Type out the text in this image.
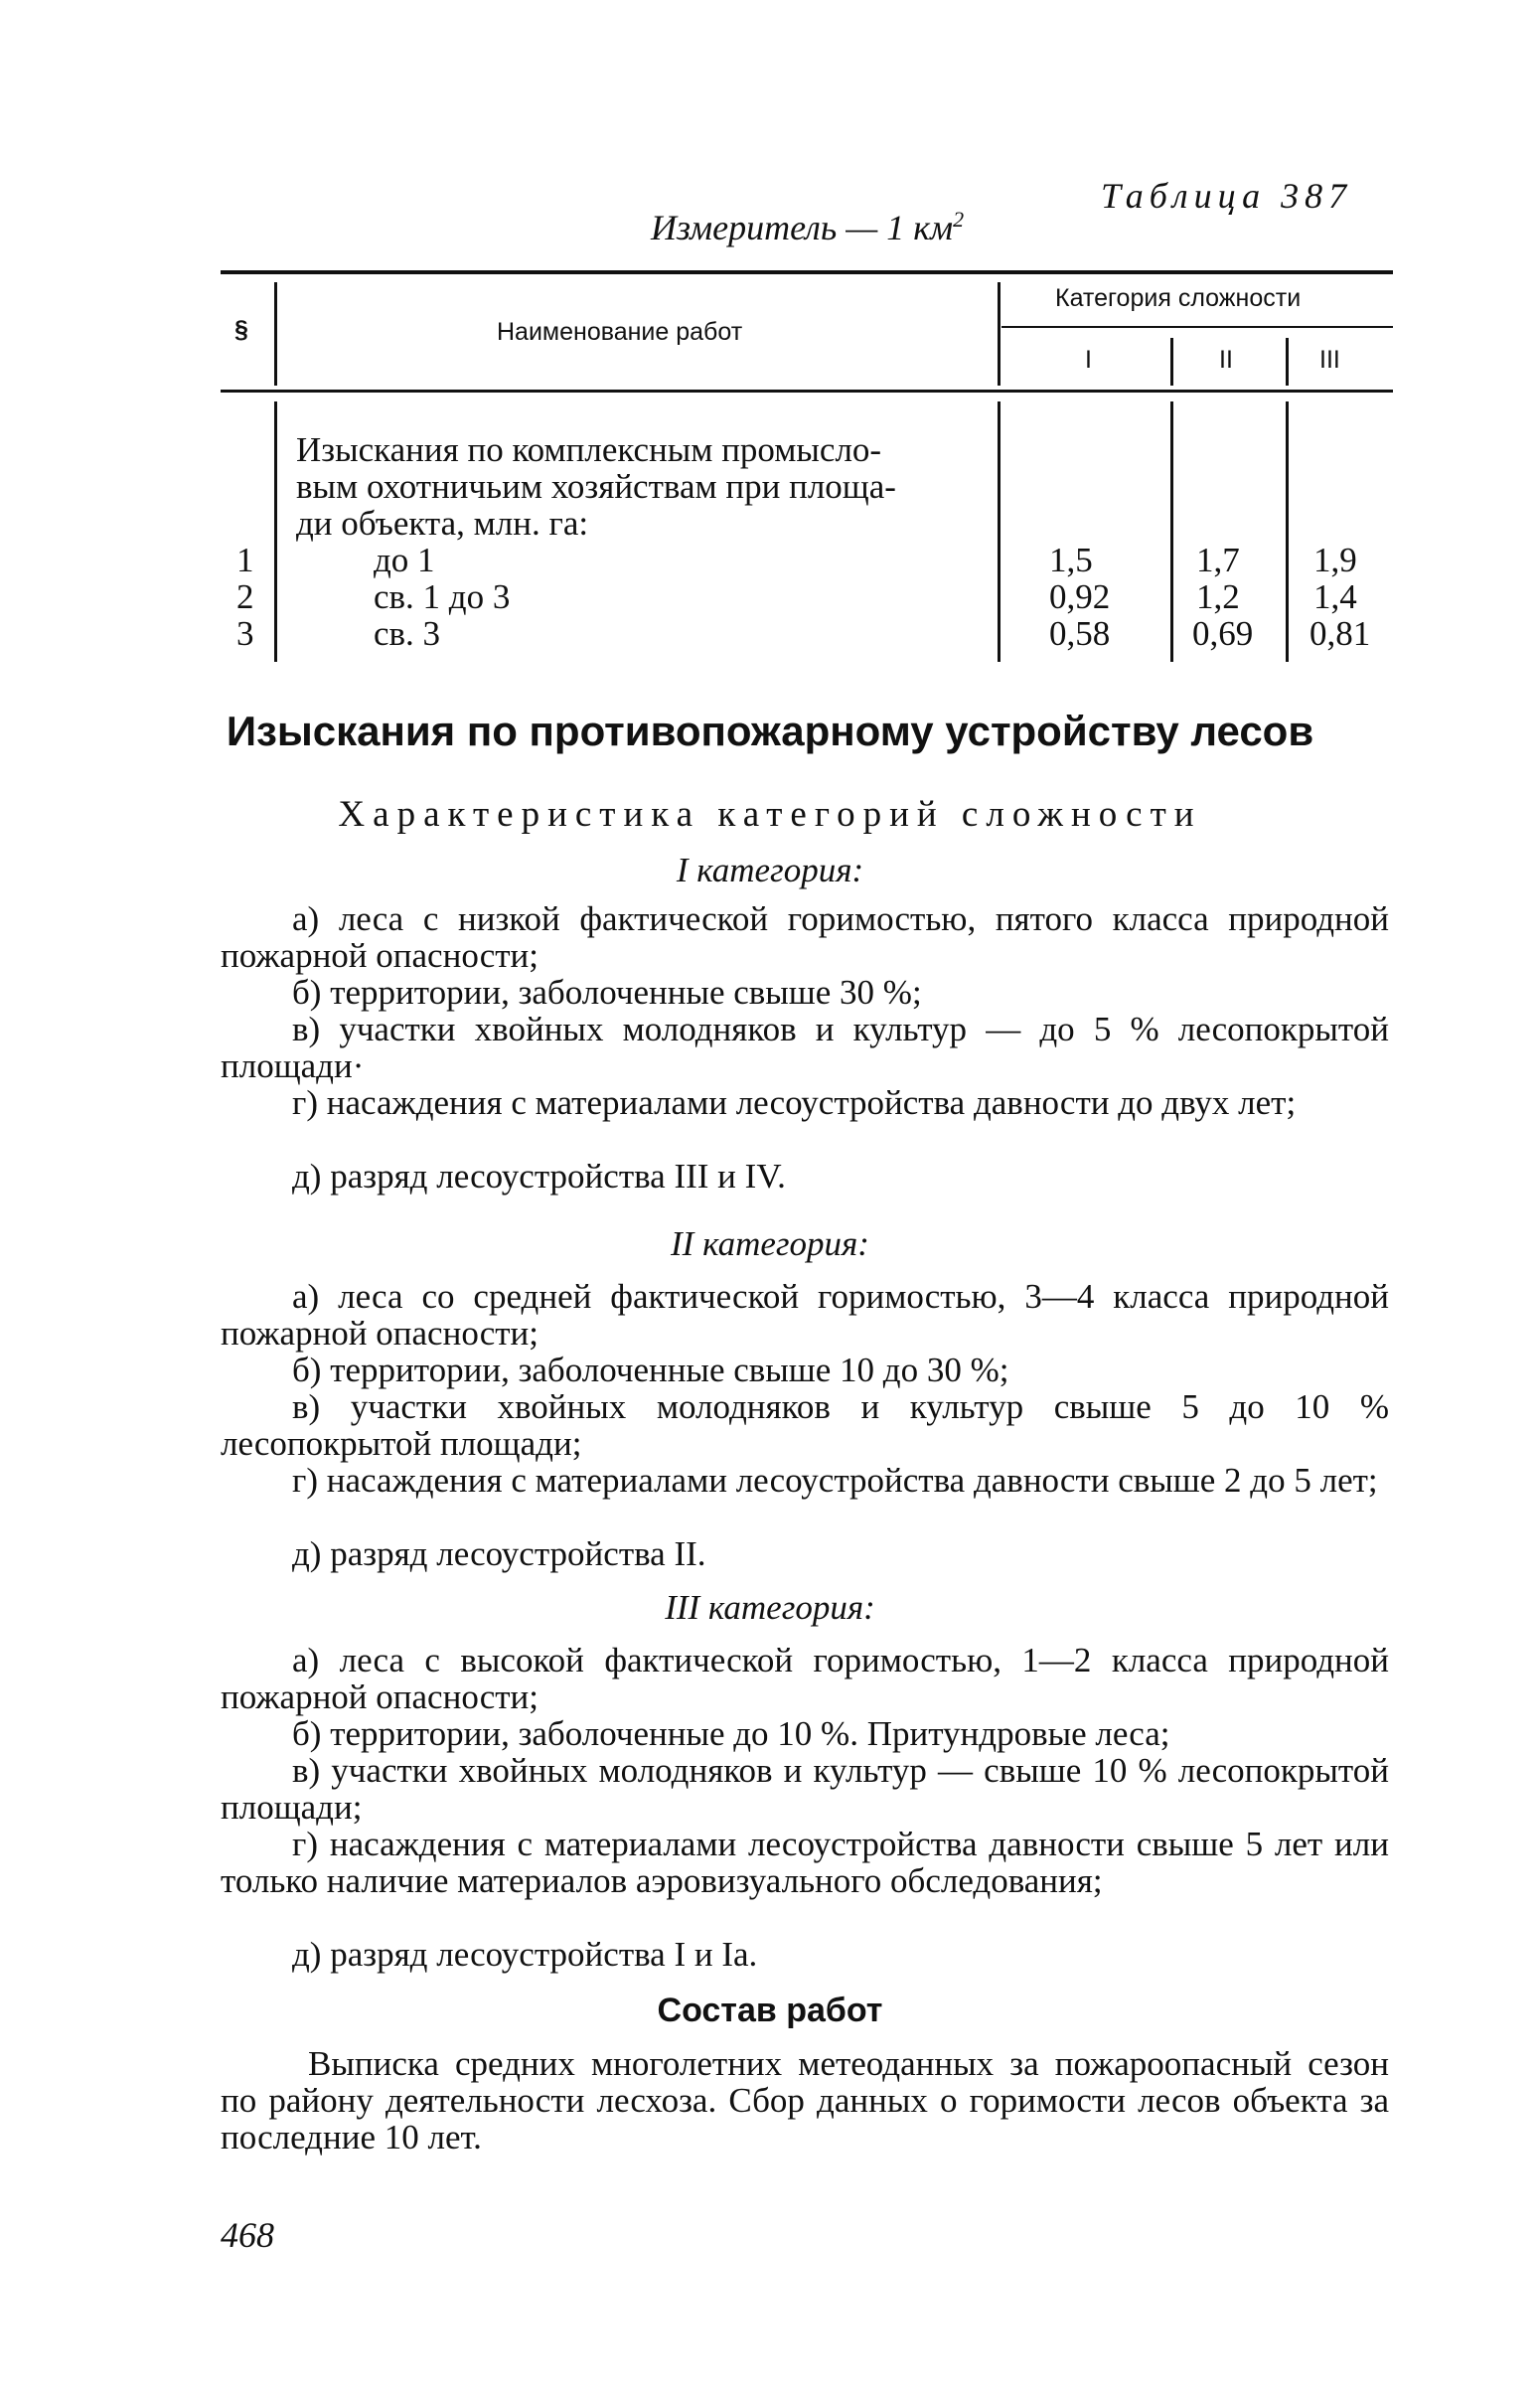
Таблица 387
Измеритель — 1 $км^2$
§	Наименование работ
Категория сложности
I	II	III
Изыскания по комплексным промысло-
вым охотничьим хозяйствам при площа-
ди объекта, млн. га:
1	до 1	1,5	1,7 1,9
2	св. 1 до 3	0,92 1,2 1,4
3	св. 3	0,58 0,69 0,81
Изыскания по противопожарному устройству лесов
Характеристика категорий сложности
I категория:
а) леса с низкой фактической горимостью, пятого класса природной пожарной опасности;
б) территории, заболоченные свыше 30 %;
в) участки хвойных молодняков и культур — до 5 % лесопокрытой площади·
г) насаждения с материалами лесоустройства давности до двух лет;
д) разряд лесоустройства III и IV.
II категория:
а) леса со средней фактической горимостью, 3—4 класса природной пожарной опасности;
б) территории, заболоченные свыше 10 до 30 %;
в) участки хвойных молодняков и культур свыше 5 до 10 % лесопокрытой площади;
г) насаждения с материалами лесоустройства давности свыше 2 до 5 лет;
д) разряд лесоустройства II.
III категория:
а) леса с высокой фактической горимостью, 1—2 класса природной пожарной опасности;
б) территории, заболоченные до 10 %. Притундровые леса;
в) участки хвойных молодняков и культур — свыше 10 % лесопокрытой площади;
г) насаждения с материалами лесоустройства давности свыше 5 лет или только наличие материалов аэровизуального обследования;
д) разряд лесоустройства I и Ia.
Состав работ
Выписка средних многолетних метеоданных за пожароопасный сезон по району деятельности лесхоза. Сбор данных о горимости лесов объекта за последние 10 лет.
468
